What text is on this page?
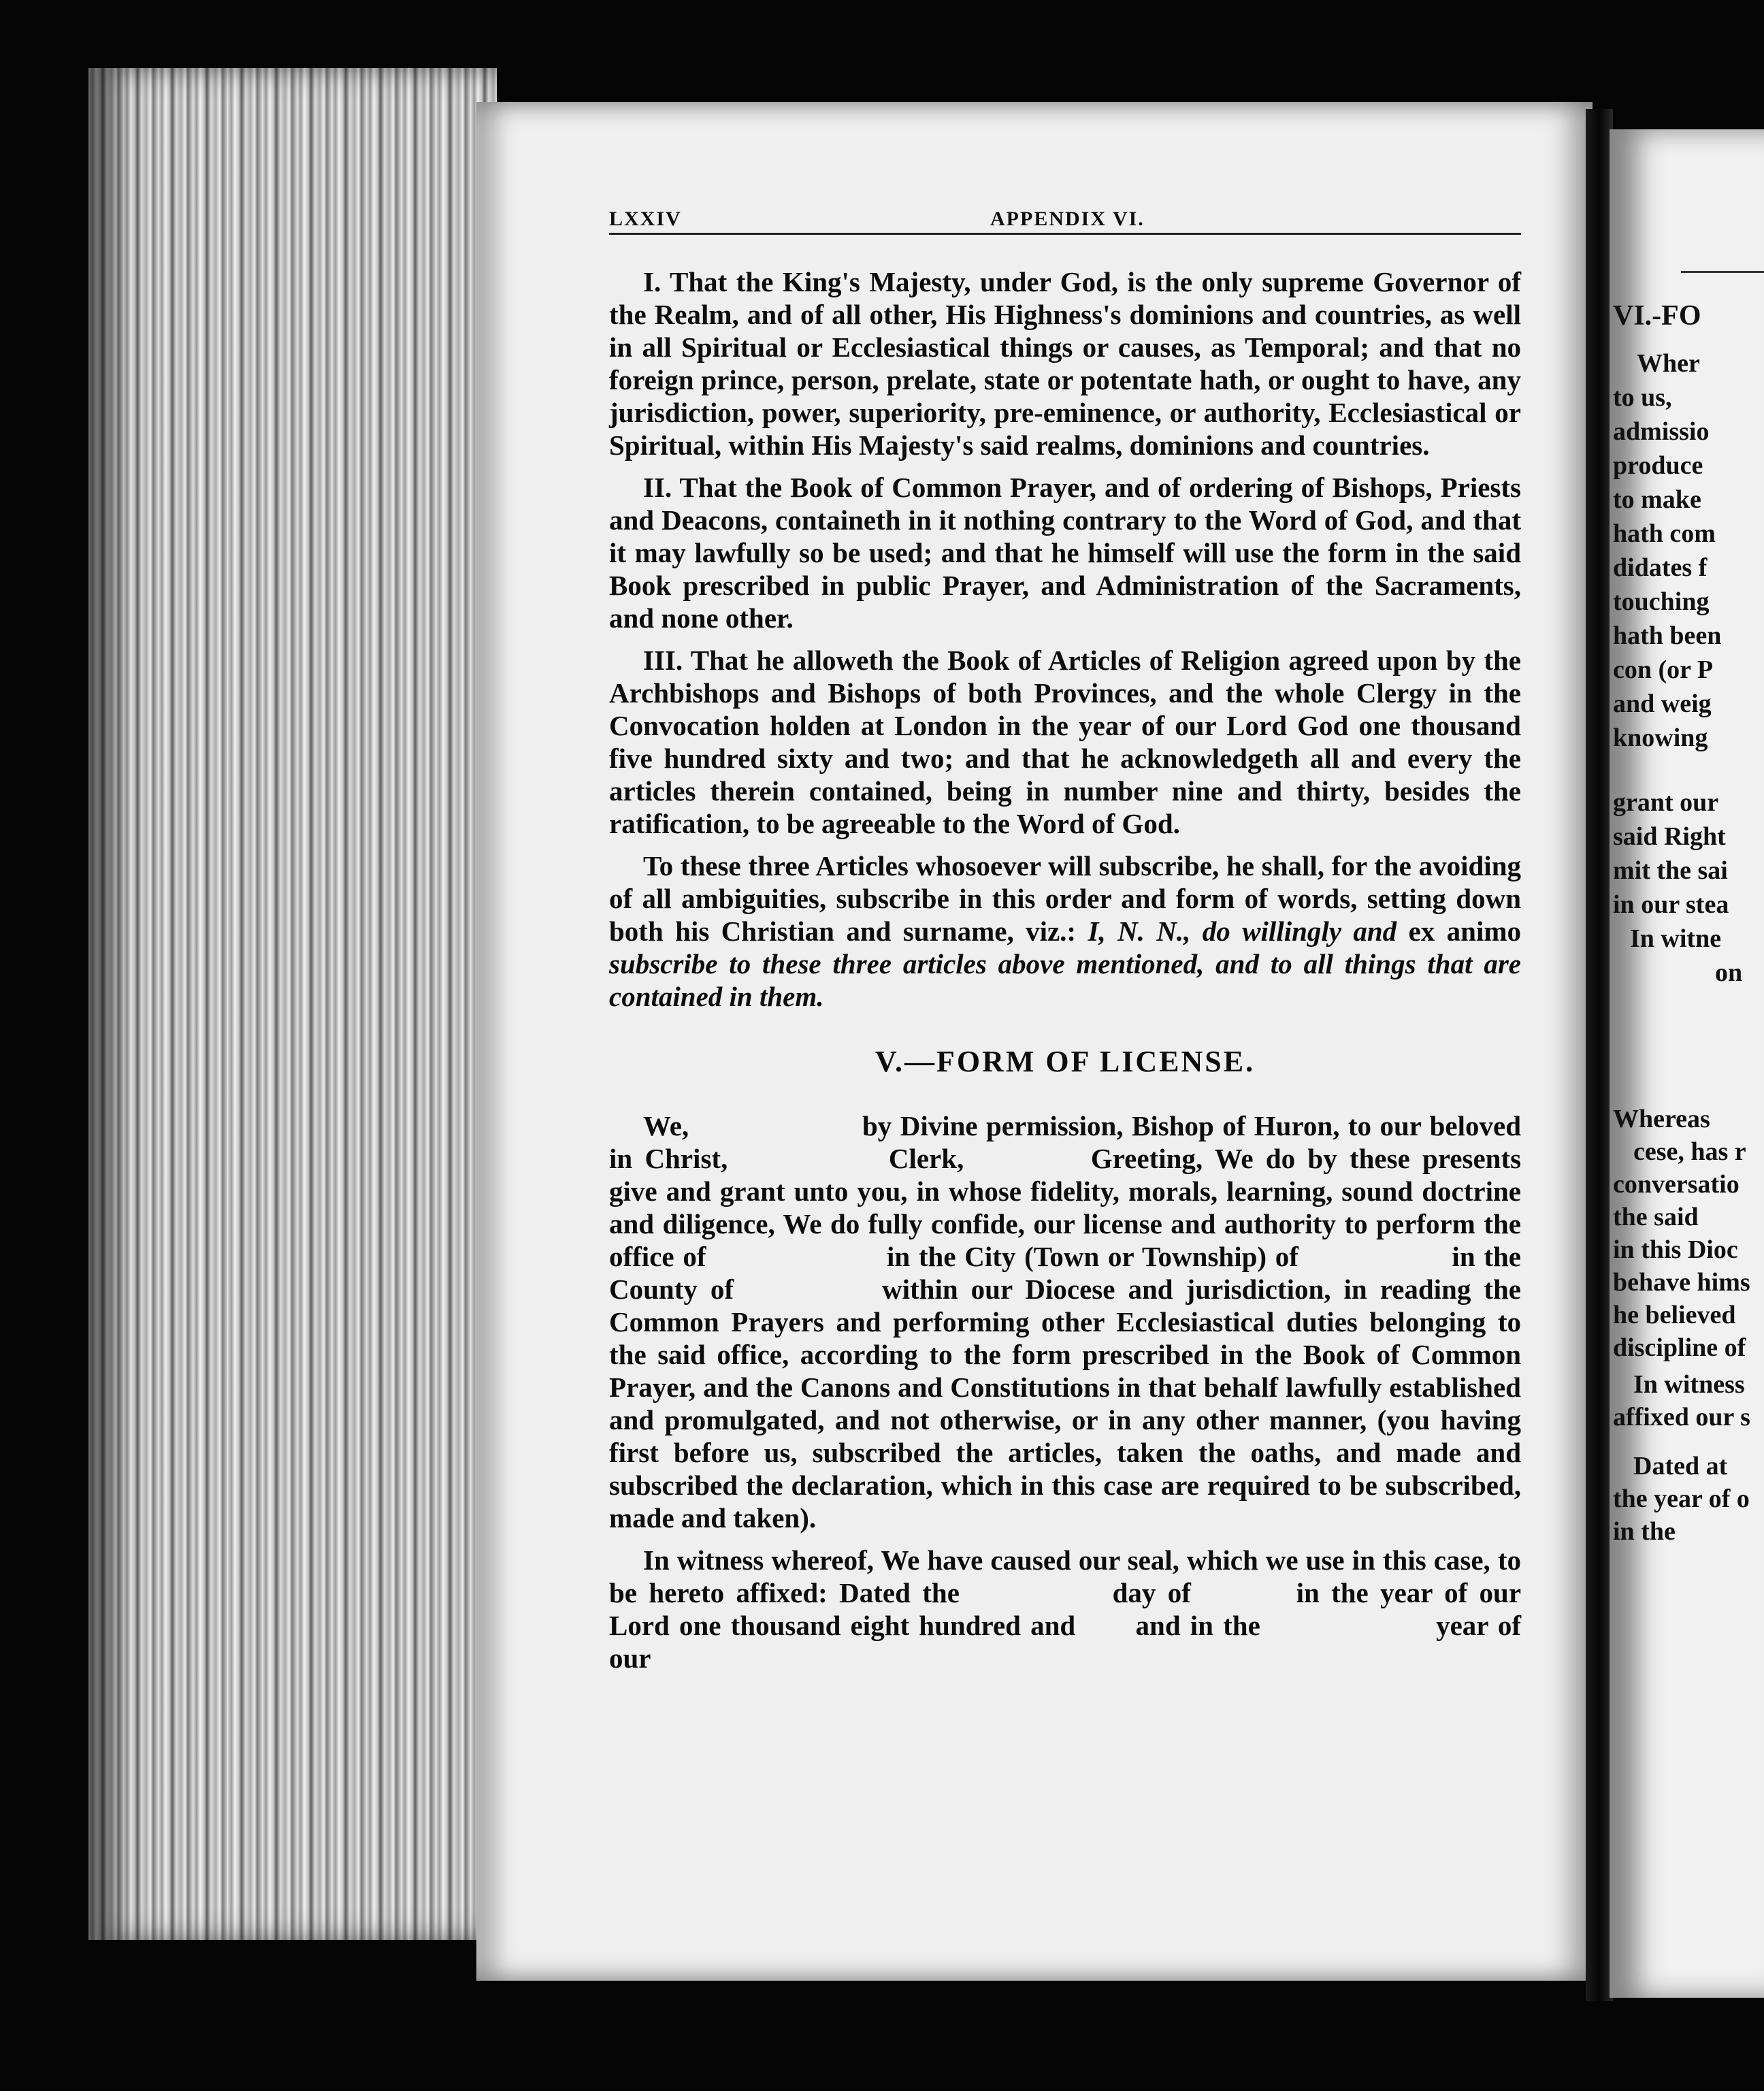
LXXIV	APPENDIX VI.

I. That the King's Majesty, under God, is the only supreme Governor of the Realm, and of all other, His Highness's dominions and countries, as well in all Spiritual or Ecclesiastical things or causes, as Temporal; and that no foreign prince, person, prelate, state or potentate hath, or ought to have, any jurisdiction, power, superiority, pre-eminence, or authority, Ecclesiastical or Spiritual, within His Majesty's said realms, dominions and countries.

II. That the Book of Common Prayer, and of ordering of Bishops, Priests and Deacons, containeth in it nothing contrary to the Word of God, and that it may lawfully so be used; and that he himself will use the form in the said Book prescribed in public Prayer, and Administration of the Sacraments, and none other.

III. That he alloweth the Book of Articles of Religion agreed upon by the Archbishops and Bishops of both Provinces, and the whole Clergy in the Convocation holden at London in the year of our Lord God one thousand five hundred sixty and two; and that he acknowledgeth all and every the articles therein contained, being in number nine and thirty, besides the ratification, to be agreeable to the Word of God.

To these three Articles whosoever will subscribe, he shall, for the avoiding of all ambiguities, subscribe in this order and form of words, setting down both his Christian and surname, viz.: I, N. N., do willingly and ex animo subscribe to these three articles above mentioned, and to all things that are contained in them.

V.—FORM OF LICENSE.

We,	by Divine permission, Bishop of Huron, to our beloved in Christ,	Clerk,	Greeting, We do by these presents give and grant unto you, in whose fidelity, morals, learning, sound doctrine and diligence, We do fully confide, our license and authority to perform the office of	in the City (Town or Township) of	in the County of	within our Diocese and jurisdiction, in reading the Common Prayers and performing other Ecclesiastical duties belonging to the said office, according to the form prescribed in the Book of Common Prayer, and the Canons and Constitutions in that behalf lawfully established and promulgated, and not otherwise, or in any other manner, (you having first before us, subscribed the articles, taken the oaths, and made and subscribed the declaration, which in this case are required to be subscribed, made and taken).

In witness whereof, We have caused our seal, which we use in this case, to be hereto affixed: Dated the	day of	in the year of our Lord one thousand eight hundred and and in the	year of our

VI.-FO
Wher
to us,
admissio
produce
to make
hath com
didates f
touching
hath been
con (or P
and weig
knowing
grant our
said Right
mit the sai
in our stea
In witne
on
Whereas
cese, has r
conversatio
the said
in this Dioc
behave hims
he believed
discipline of
In witness
affixed our s
Dated at
the year of o
in the
